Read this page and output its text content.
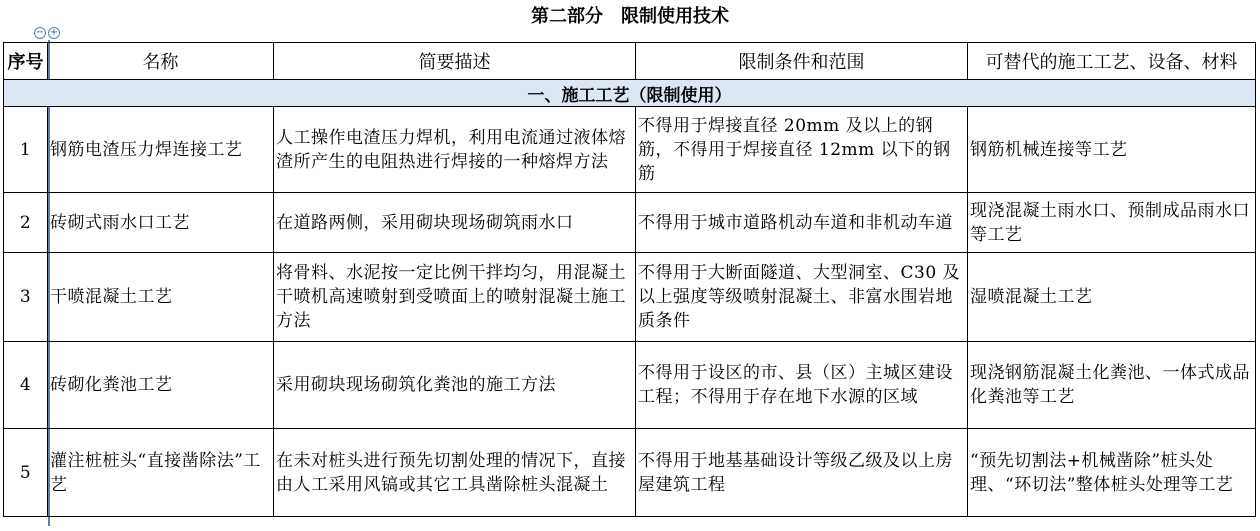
第二部分　限制使用技术
− +
序号	名称	简要描述	限制条件和范围	可替代的施工工艺、设备、材料
一、施工工艺（限制使用）				
1	钢筋电渣压力焊连接工艺	人工操作电渣压力焊机，利用电流通过液体熔渣所产生的电阻热进行焊接的一种熔焊方法	不得用于焊接直径 20mm 及以上的钢筋，不得用于焊接直径 12mm 以下的钢筋	钢筋机械连接等工艺
2	砖砌式雨水口工艺	在道路两侧，采用砌块现场砌筑雨水口	不得用于城市道路机动车道和非机动车道	现浇混凝土雨水口、预制成品雨水口等工艺
3	干喷混凝土工艺	将骨料、水泥按一定比例干拌均匀，用混凝土干喷机高速喷射到受喷面上的喷射混凝土施工方法	不得用于大断面隧道、大型洞室、C30 及以上强度等级喷射混凝土、非富水围岩地质条件	湿喷混凝土工艺
4	砖砌化粪池工艺	采用砌块现场砌筑化粪池的施工方法	不得用于设区的市、县（区）主城区建设工程；不得用于存在地下水源的区域	现浇钢筋混凝土化粪池、一体式成品化粪池等工艺
5	灌注桩桩头“直接凿除法”工艺	在未对桩头进行预先切割处理的情况下，直接由人工采用风镐或其它工具凿除桩头混凝土	不得用于地基基础设计等级乙级及以上房屋建筑工程	“预先切割法+机械凿除”桩头处理、“环切法”整体桩头处理等工艺
